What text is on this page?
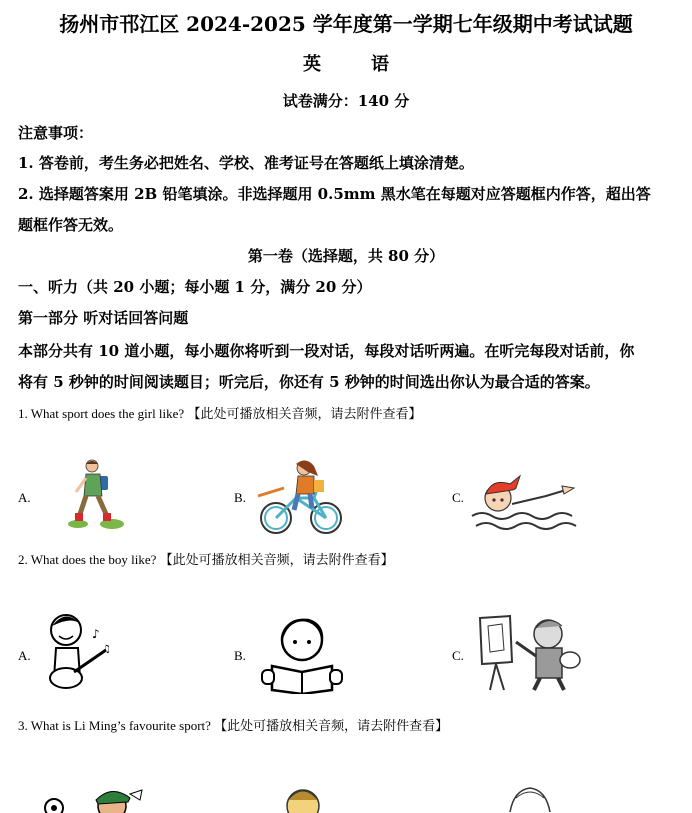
扬州市邗江区 2024-2025 学年度第一学期七年级期中考试试题
英	语
试卷满分：140 分
注意事项：
1. 答卷前，考生务必把姓名、学校、准考证号在答题纸上填涂清楚。
2. 选择题答案用 2B 铅笔填涂。非选择题用 0.5mm 黑水笔在每题对应答题框内作答，超出答
题框作答无效。
第一卷（选择题，共 80 分）
一、听力（共 20 小题；每小题 1 分，满分 20 分）
第一部分 听对话回答问题
本部分共有 10 道小题，每小题你将听到一段对话，每段对话听两遍。在听完每段对话前，你
将有 5 秒钟的时间阅读题目；听完后，你还有 5 秒钟的时间选出你认为最合适的答案。
1. What sport does the girl like? 【此处可播放相关音频，请去附件查看】
A.	B.	C.
2. What does the boy like? 【此处可播放相关音频，请去附件查看】
A.	B.	C.
♪
♫
3. What is Li Ming’s favourite sport? 【此处可播放相关音频，请去附件查看】
